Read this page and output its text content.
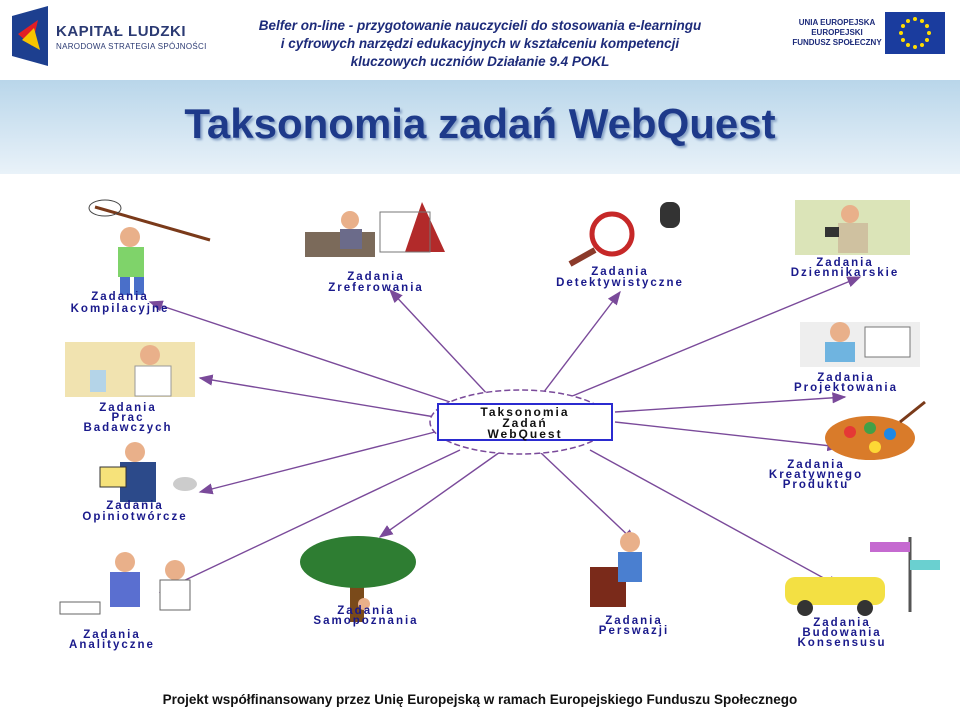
KAPITAŁ LUDZKI
NARODOWA STRATEGIA SPÓJNOŚCI
Belfer on-line - przygotowanie nauczycieli do stosowania e-learningu
i cyfrowych narzędzi edukacyjnych w kształceniu kompetencji
kluczowych uczniów Działanie 9.4 POKL
UNIA EUROPEJSKA
EUROPEJSKI
FUNDUSZ SPOŁECZNY
Taksonomia zadań WebQuest
Taksonomia
Zadań
WebQuest
Zadania
Kompilacyjne
Zadania
Zreferowania
Zadania
Detektywistyczne
Zadania
Dziennikarskie
Zadania
Prac
Badawczych
Zadania
Projektowania
Zadania
Kreatywnego
Produktu
Zadania
Opiniotwórcze
Zadania
Samopoznania	Zadania
Perswazji
Zadania
Analityczne
Zadania
Budowania
Konsensusu
Projekt współfinansowany przez Unię Europejską w ramach Europejskiego Funduszu Społecznego
